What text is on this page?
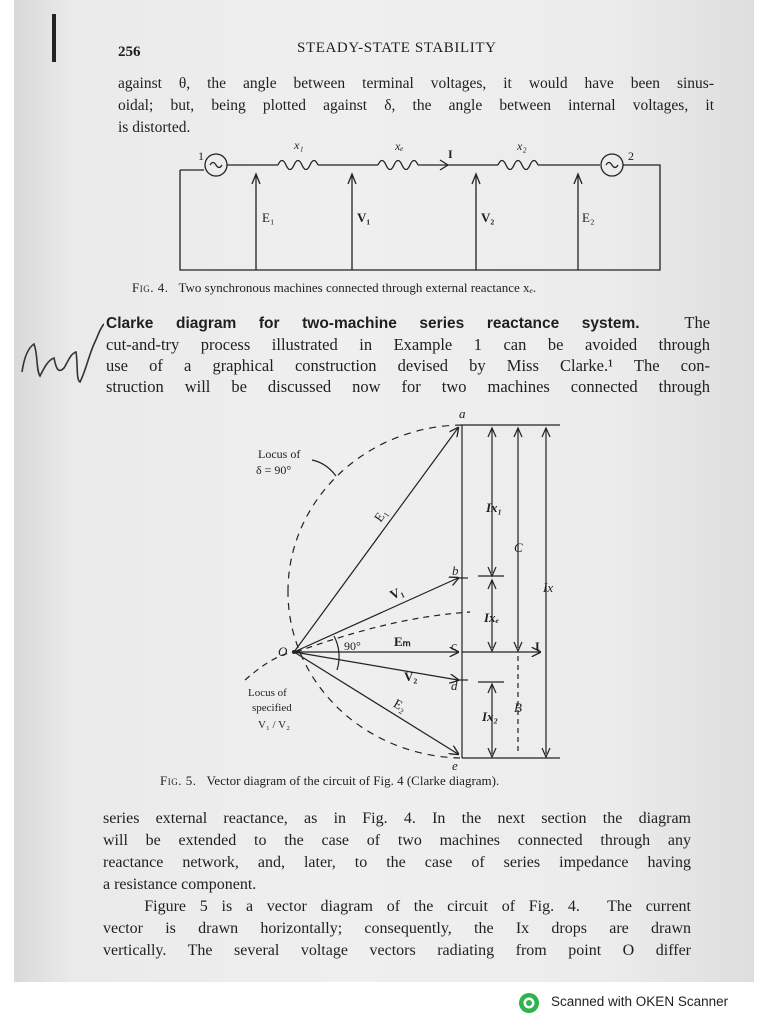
256	STEADY-STATE STABILITY
against θ, the angle between terminal voltages, it would have been sinus-
oidal; but, being plotted against δ, the angle between internal voltages, it
is distorted.
1	2
x₁	xₑ	x₂
I
E₁	V₁	V₂	E₂
Fig. 4. Two synchronous machines connected through external reactance xₑ.
Imp	Clarke diagram for two-machine series reactance system.	The
cut-and-try process illustrated in Example 1 can be avoided through
use of a graphical construction devised by Miss Clarke.¹ The con-
struction will be discussed now for two machines connected through
Locus of
δ = 90°
a
b
c
d
e
O
E₁
V₁
Eₘ
V₂
E₂
90°
Ix₁
Ixₑ
Ix₂
C
B
Ix
I
Locus of
specified
V₁ / V₂
Fig. 5. Vector diagram of the circuit of Fig. 4 (Clarke diagram).
series external reactance, as in Fig. 4. In the next section the diagram
will be extended to the case of two machines connected through any
reactance network, and, later, to the case of series impedance having
a resistance component.
Figure 5 is a vector diagram of the circuit of Fig. 4.  The current
vector is drawn horizontally; consequently, the Ix drops are drawn
vertically. The several voltage vectors radiating from point O differ
Scanned with OKEN Scanner
